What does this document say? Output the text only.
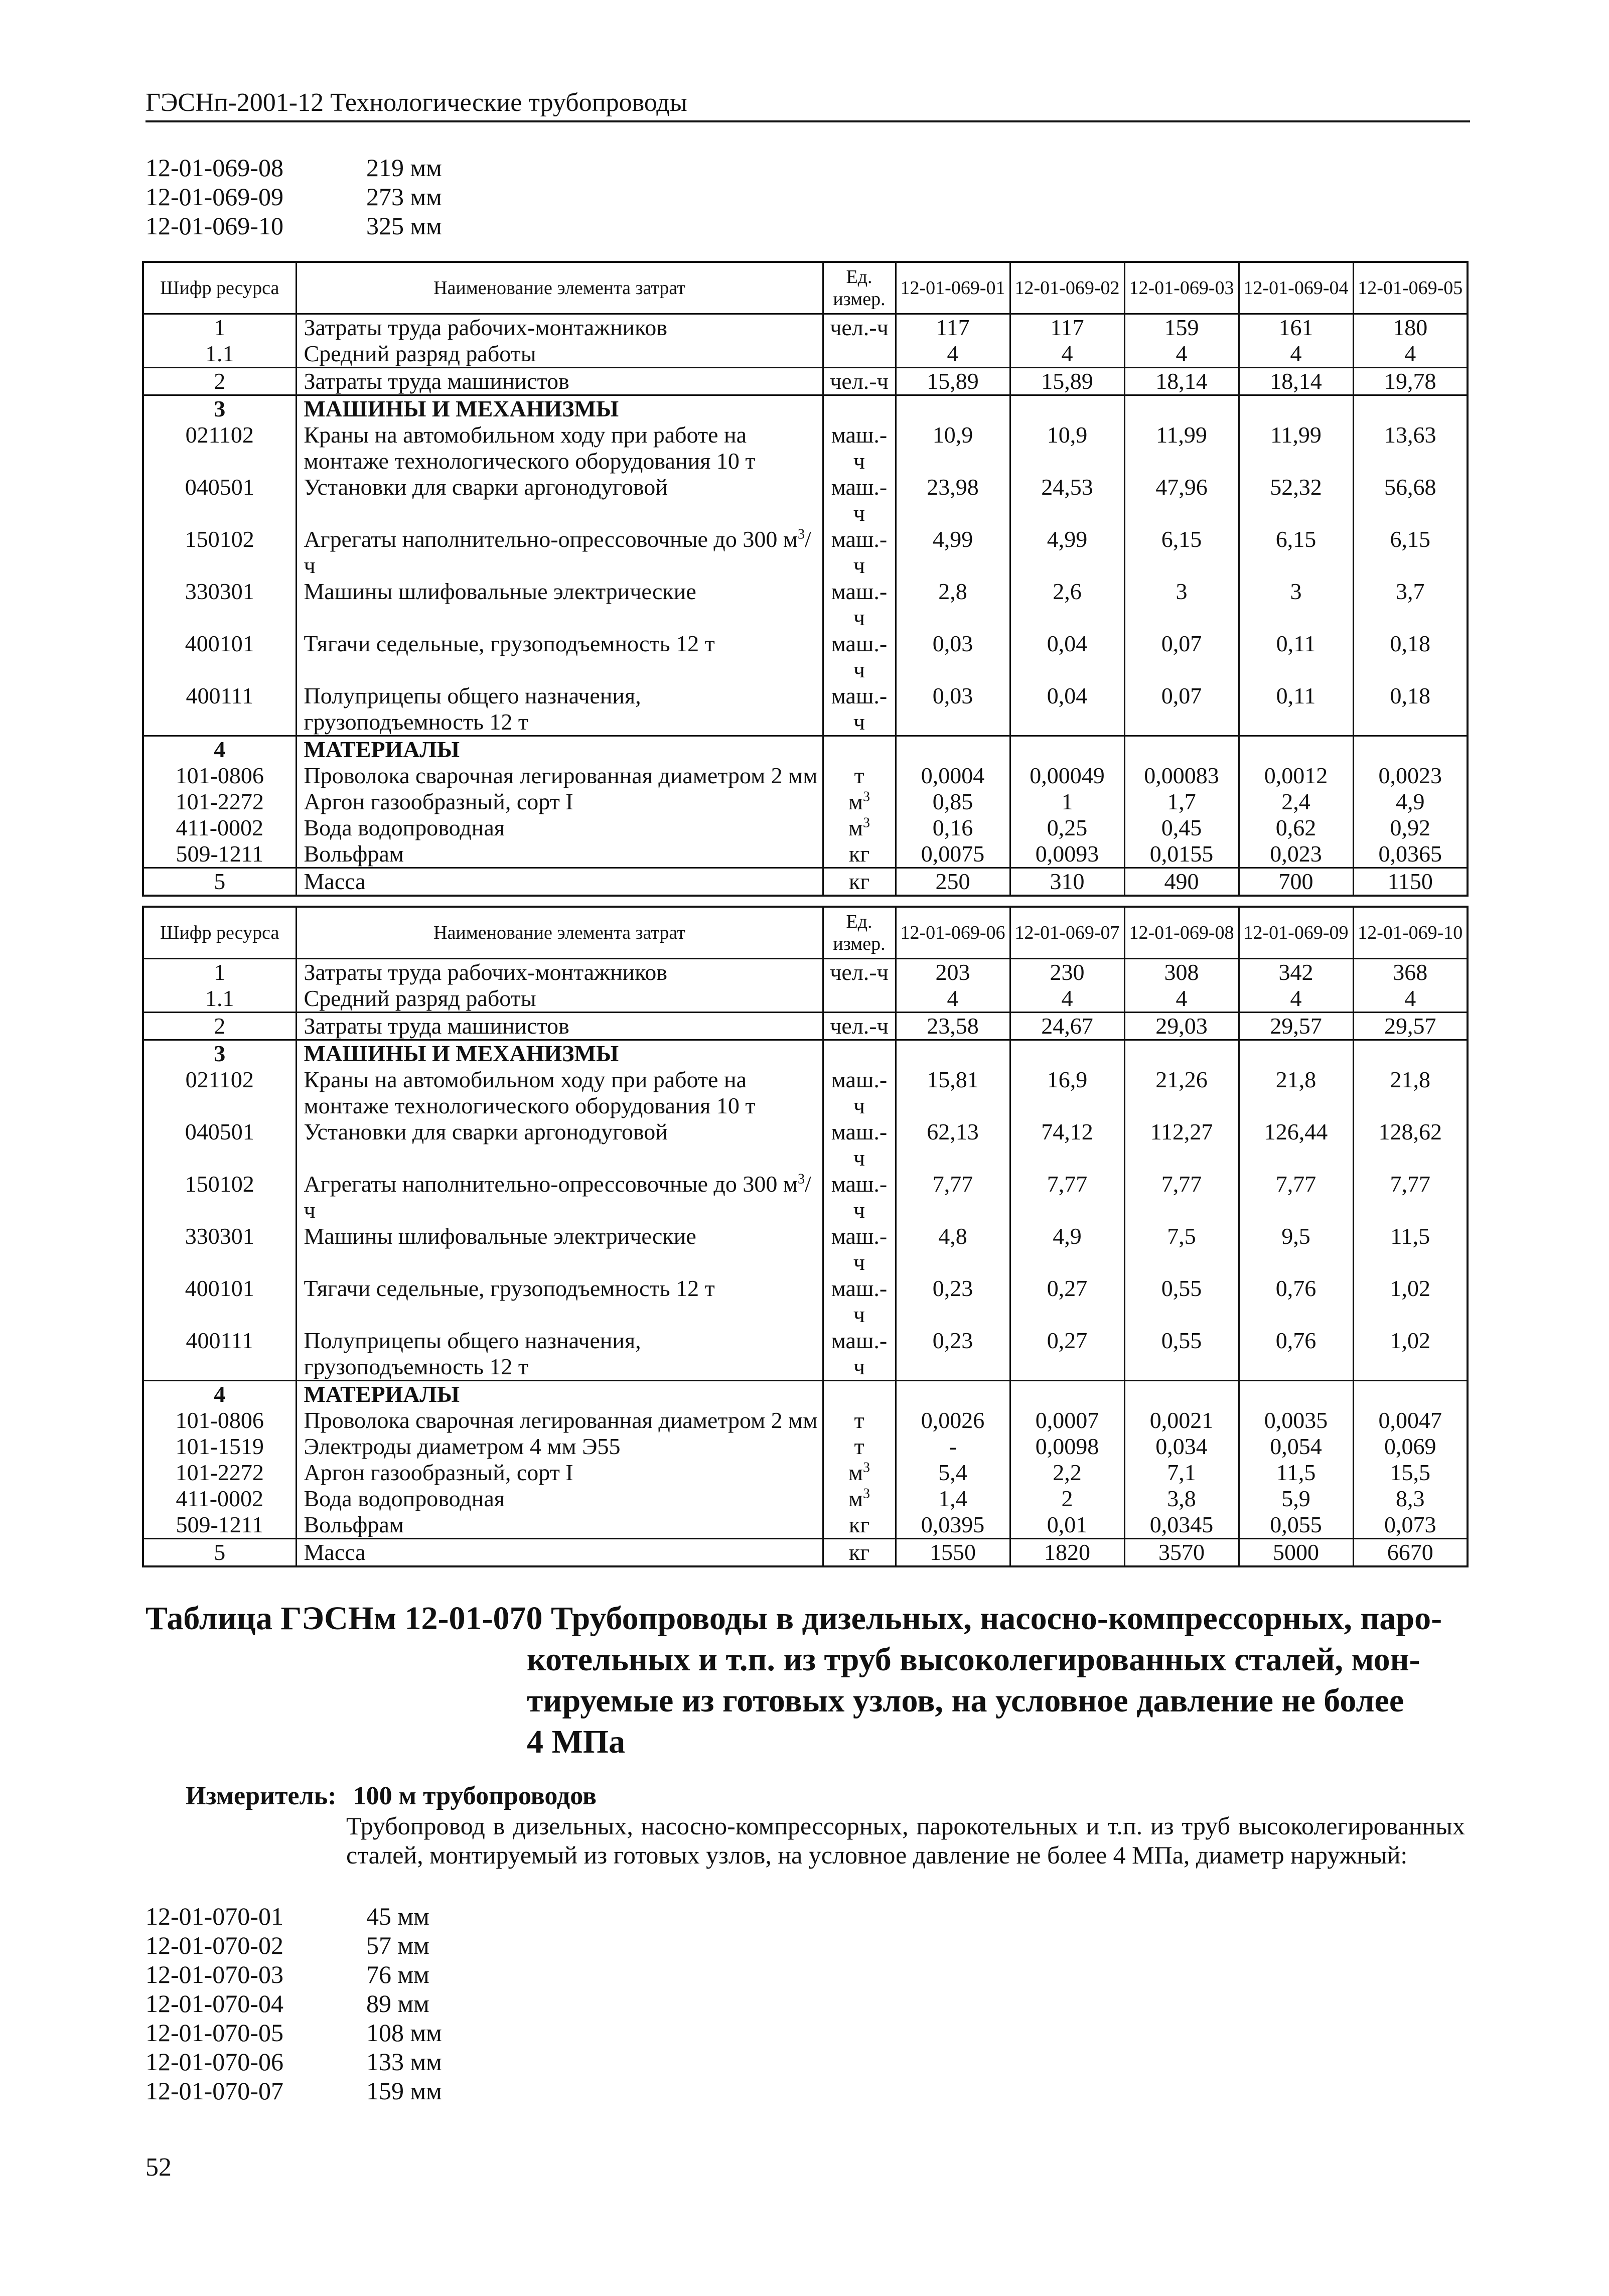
ГЭСНп-2001-12 Технологические трубопроводы
12-01-069-08	219 мм
12-01-069-09	273 мм
12-01-069-10	325 мм
Шифр ресурса	Наименование элемента затрат	Ед. измер.	12-01-069-01	12-01-069-02	12-01-069-03	12-01-069-04	12-01-069-05
1	Затраты труда рабочих-монтажников	чел.-ч	117	117	159	161	180
1.1	Средний разряд работы		4	4	4	4	4
2	Затраты труда машинистов	чел.-ч	15,89	15,89	18,14	18,14	19,78
3	МАШИНЫ И МЕХАНИЗМЫ						
021102	Краны на автомобильном ходу при работе на монтаже технологического оборудования 10 т	маш.-ч	10,9	10,9	11,99	11,99	13,63
040501	Установки для сварки аргонодуговой	маш.-ч	23,98	24,53	47,96	52,32	56,68
150102	Агрегаты наполнительно-опрессовочные до 300 $м^3/ч$	маш.-ч	4,99	4,99	6,15	6,15	6,15
330301	Машины шлифовальные электрические	маш.-ч	2,8	2,6	3	3	3,7
400101	Тягачи седельные, грузоподъемность 12 т	маш.-ч	0,03	0,04	0,07	0,11	0,18
400111	Полуприцепы общего назначения, грузоподъемность 12 т	маш.-ч	0,03	0,04	0,07	0,11	0,18
4	МАТЕРИАЛЫ						
101-0806	Проволока сварочная легированная диаметром 2 мм	т	0,0004	0,00049	0,00083	0,0012	0,0023
101-2272	Аргон газообразный, сорт I	$м^3$	0,85	1	1,7	2,4	4,9
411-0002	Вода водопроводная	$м^3$	0,16	0,25	0,45	0,62	0,92
509-1211	Вольфрам	кг	0,0075	0,0093	0,0155	0,023	0,0365
5	Масса	кг	250	310	490	700	1150
Шифр ресурса	Наименование элемента затрат	Ед. измер.	12-01-069-06	12-01-069-07	12-01-069-08	12-01-069-09	12-01-069-10
1	Затраты труда рабочих-монтажников	чел.-ч	203	230	308	342	368
1.1	Средний разряд работы		4	4	4	4	4
2	Затраты труда машинистов	чел.-ч	23,58	24,67	29,03	29,57	29,57
3	МАШИНЫ И МЕХАНИЗМЫ						
021102	Краны на автомобильном ходу при работе на монтаже технологического оборудования 10 т	маш.-ч	15,81	16,9	21,26	21,8	21,8
040501	Установки для сварки аргонодуговой	маш.-ч	62,13	74,12	112,27	126,44	128,62
150102	Агрегаты наполнительно-опрессовочные до 300 $м^3/ч$	маш.-ч	7,77	7,77	7,77	7,77	7,77
330301	Машины шлифовальные электрические	маш.-ч	4,8	4,9	7,5	9,5	11,5
400101	Тягачи седельные, грузоподъемность 12 т	маш.-ч	0,23	0,27	0,55	0,76	1,02
400111	Полуприцепы общего назначения, грузоподъемность 12 т	маш.-ч	0,23	0,27	0,55	0,76	1,02
4	МАТЕРИАЛЫ						
101-0806	Проволока сварочная легированная диаметром 2 мм	т	0,0026	0,0007	0,0021	0,0035	0,0047
101-1519	Электроды диаметром 4 мм Э55	т	-	0,0098	0,034	0,054	0,069
101-2272	Аргон газообразный, сорт I	$м^3$	5,4	2,2	7,1	11,5	15,5
411-0002	Вода водопроводная	$м^3$	1,4	2	3,8	5,9	8,3
509-1211	Вольфрам	кг	0,0395	0,01	0,0345	0,055	0,073
5	Масса	кг	1550	1820	3570	5000	6670
Таблица ГЭСНм 12-01-070 Трубопроводы в дизельных, насосно-компрессорных, паро-
котельных и т.п. из труб высоколегированных сталей, мон-
тируемые из готовых узлов, на условное давление не более
4 МПа
Измеритель: 100 м трубопроводов
Трубопровод в дизельных, насосно-компрессорных, парокотельных и т.п. из труб высоколегированных сталей, монтируемый из готовых узлов, на условное давление не более 4 МПа, диаметр наружный:
12-01-070-01	45 мм
12-01-070-02	57 мм
12-01-070-03	76 мм
12-01-070-04	89 мм
12-01-070-05	108 мм
12-01-070-06	133 мм
12-01-070-07	159 мм
52
